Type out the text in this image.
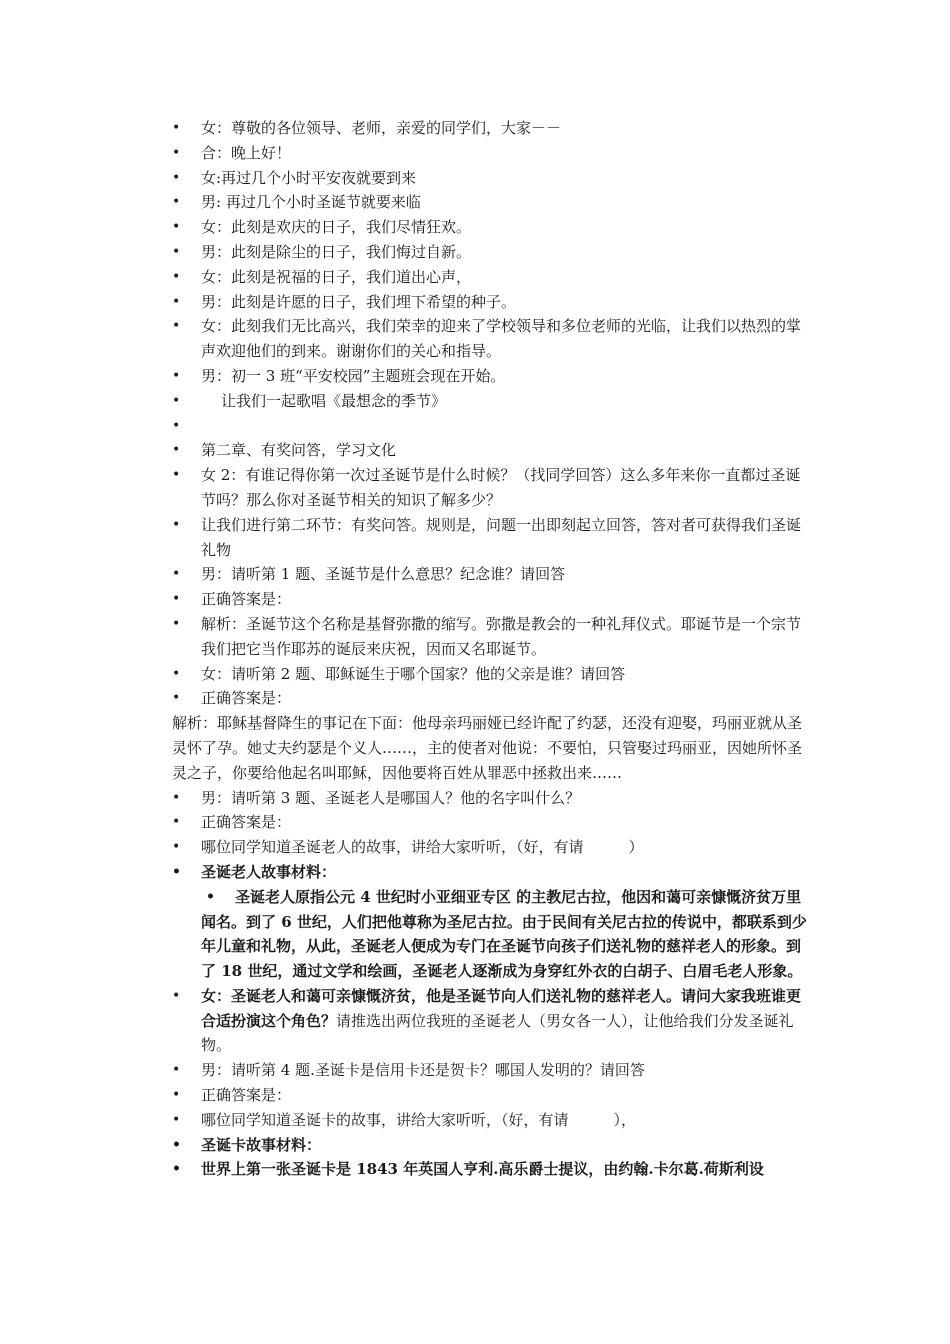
• 女：尊敬的各位领导、老师，亲爱的同学们，大家－－
• 合：晚上好！
• 女:再过几个小时平安夜就要到来
• 男: 再过几个小时圣诞节就要来临
• 女：此刻是欢庆的日子，我们尽情狂欢。
• 男：此刻是除尘的日子，我们悔过自新。
• 女：此刻是祝福的日子，我们道出心声，
• 男：此刻是许愿的日子，我们埋下希望的种子。
• 女：此刻我们无比高兴，我们荣幸的迎来了学校领导和多位老师的光临，让我们以热烈的掌声欢迎他们的到来。谢谢你们的关心和指导。
• 男：初一 3 班“平安校园”主题班会现在开始。
• 让我们一起歌唱《最想念的季节》
•
• 第二章、有奖问答，学习文化
• 女 2：有谁记得你第一次过圣诞节是什么时候？（找同学回答）这么多年来你一直都过圣诞节吗？那么你对圣诞节相关的知识了解多少？
• 让我们进行第二环节：有奖问答。规则是，问题一出即刻起立回答，答对者可获得我们圣诞礼物
• 男：请听第 1 题、圣诞节是什么意思？纪念谁？请回答
• 正确答案是：
• 解析：圣诞节这个名称是基督弥撒的缩写。弥撒是教会的一种礼拜仪式。耶诞节是一个宗节我们把它当作耶苏的诞辰来庆祝，因而又名耶诞节。
• 女：请听第 2 题、耶稣诞生于哪个国家？他的父亲是谁？请回答
• 正确答案是：
解析：耶稣基督降生的事记在下面：他母亲玛丽娅已经许配了约瑟，还没有迎娶，玛丽亚就从圣灵怀了孕。她丈夫约瑟是个义人……，主的使者对他说：不要怕，只管娶过玛丽亚，因她所怀圣灵之子，你要给他起名叫耶稣，因他要将百姓从罪恶中拯救出来……
• 男：请听第 3 题、圣诞老人是哪国人？他的名字叫什么？
• 正确答案是：
• 哪位同学知道圣诞老人的故事，讲给大家听听，（好，有请　　　）
• 圣诞老人故事材料：
• 圣诞老人原指公元 4 世纪时小亚细亚专区 的主教尼古拉，他因和蔼可亲慷慨济贫万里闻名。到了 6 世纪，人们把他尊称为圣尼古拉。由于民间有关尼古拉的传说中，都联系到少年儿童和礼物，从此，圣诞老人便成为专门在圣诞节向孩子们送礼物的慈祥老人的形象。到了 18 世纪，通过文学和绘画，圣诞老人逐渐成为身穿红外衣的白胡子、白眉毛老人形象。
• 女：圣诞老人和蔼可亲慷慨济贫，他是圣诞节向人们送礼物的慈祥老人。请问大家我班谁更合适扮演这个角色？请推选出两位我班的圣诞老人（男女各一人），让他给我们分发圣诞礼物。
• 男：请听第 4 题.圣诞卡是信用卡还是贺卡？哪国人发明的？请回答
• 正确答案是：
• 哪位同学知道圣诞卡的故事，讲给大家听听，（好，有请　　　），
• 圣诞卡故事材料：
• 世界上第一张圣诞卡是 1843 年英国人亨利.高乐爵士提议，由约翰.卡尔葛.荷斯利设
